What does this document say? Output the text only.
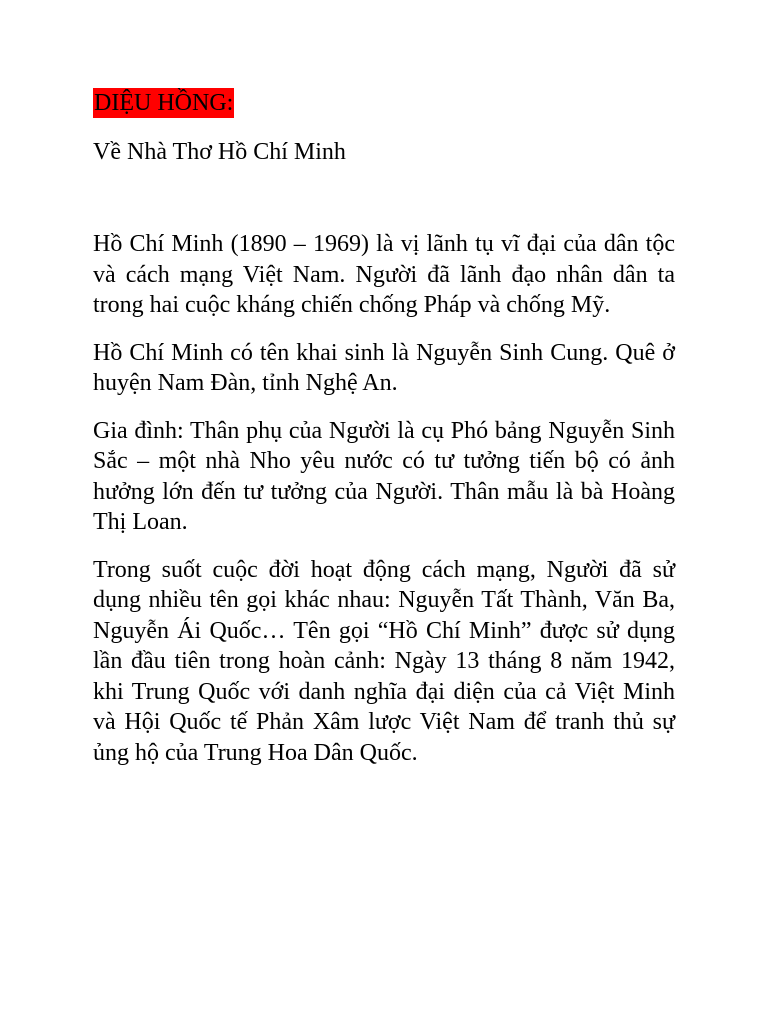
DIỆU HỒNG:

Về Nhà Thơ Hồ Chí Minh

Hồ Chí Minh (1890 – 1969) là vị lãnh tụ vĩ đại của dân tộc và cách mạng Việt Nam. Người đã lãnh đạo nhân dân ta trong hai cuộc kháng chiến chống Pháp và chống Mỹ.

Hồ Chí Minh có tên khai sinh là Nguyễn Sinh Cung. Quê ở huyện Nam Đàn, tỉnh Nghệ An.

Gia đình: Thân phụ của Người là cụ Phó bảng Nguyễn Sinh Sắc – một nhà Nho yêu nước có tư tưởng tiến bộ có ảnh hưởng lớn đến tư tưởng của Người. Thân mẫu là bà Hoàng Thị Loan.

Trong suốt cuộc đời hoạt động cách mạng, Người đã sử dụng nhiều tên gọi khác nhau: Nguyễn Tất Thành, Văn Ba, Nguyễn Ái Quốc… Tên gọi “Hồ Chí Minh” được sử dụng lần đầu tiên trong hoàn cảnh: Ngày 13 tháng 8 năm 1942, khi Trung Quốc với danh nghĩa đại diện của cả Việt Minh và Hội Quốc tế Phản Xâm lược Việt Nam để tranh thủ sự ủng hộ của Trung Hoa Dân Quốc.
